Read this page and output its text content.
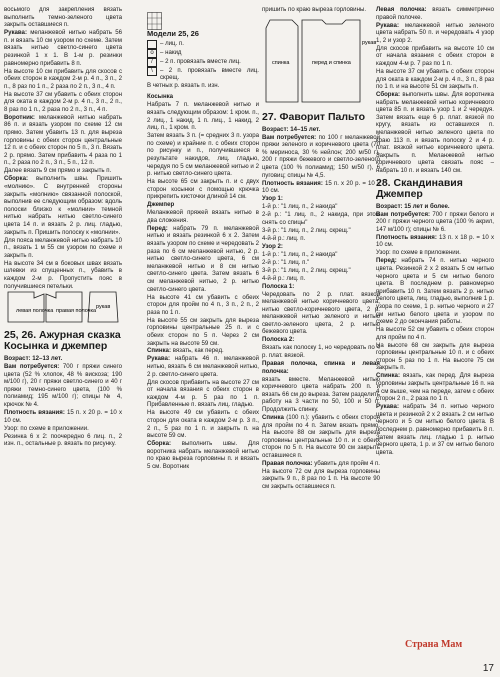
восьмого для закрепления вязать выполнить темно-зеленого цвета закрыть оставшиеся п.

Рукава: меланжевой нитью набрать 56 п. и вязать 10 см узором по схеме. Затем вязать нитью светло-синего цвета резинкой 1 х 1. В 1-м р. резинки равномерно прибавить 8 п.

На высоте 10 см прибавить для скосов с обеих сторон в каждом 2-м р. 4 п., 3 п., 2 п., 8 раз по 1 п., 2 раза по 2 п., 3 п., 4 п.

На высоте 37 см убавить с обеих сторон для оката в каждом 2-м р. 4 п., 3 п., 2 п., 8 раз по 1 п., 2 раза по 2 п., 3 п., 4 п.

Воротник: меланжевой нитью набрать 86 п. и вязать узором по схеме 12 см прямо. Затем убавить 13 п. для выреза горловины с обеих сторон центральные 12 п. и с обеих сторон по 5 п., 3 п. Вязать 2 р. прямо. Затем прибавить 4 раза по 1 п., 2 раза по 2 п., 3 п., 5 п., 12 п.

Далее вязать 9 см прямо и закрыть п.

Сборка: выполнить швы. Пришить «молнию». С внутренней стороны закрыть «молнию» связанной полоской, выполнив ее следующим образом: вдоль полоски близко к «молнии» темной нитью набрать нитью светло-синего цвета 14 п. и вязать 2 р. лиц. гладью, закрыть п. Пришить полоску к «молнии».

Для пояса меланжевой нитью набрать 10 п., вязать 1 м 55 см узором по схеме и закрыть п.

На высоте 34 см в боковых швах вязать шлевки из спущенных п., убавить в каждом 2-м р. Пропустить пояс в получившиеся петельки.

левая полочка правая полочка
рукав

25, 26. Ажурная сказка Косынка и джемпер

Возраст: 12–13 лет.

Вам потребуется: 700 г пряжи синего цвета (52 % хлопок, 48 % вискоза; 190 м/100 г), 20 г пряжи светло-синего и 40 г пряжи темно-синего цвета, (100 % полиамид; 195 м/100 г); спицы № 4, крючок № 4.

Плотность вязания: 15 п. х 20 р. = 10 х 10 см.

Узор: по схеме в приложении.

Резинка 6 х 2: поочередно 6 лиц. п., 2 изн. п., остальные р. вязать по рисунку.

Модели 25, 26

– лиц. п.
o	– накид
/	– 2 п. провязать вместе лиц.
\	– 2 п. провязать вместе лиц. скрещ.

В четных р. вязать п. изн.

Косынка

Набрать 7 п. меланжевой нитью и вязать следующим образом: 1 кром. п., 2 лиц., 1 накид, 1 п. лиц., 1 накид, 2 лиц. п., 1 кром. п.

Затем вязать 3 п. (= средних 3 п. узора по схеме) и крайние п. с обеих сторон по рисунку и п., получившиеся в результате накидов, лиц. гладью, чередуя по 5 см меланжевой нитью и 2 р. нитью светло-синего цвета.

На высоте 65 см закрыть п. и с двух сторон косынки с помощью крючка прикрепить кисточки длиной 14 см.

Джемпер

Меланжевой пряжей вязать нитью в два сложения.

Перед: набрать 79 п. меланжевой нитью и вязать резинкой 6 х 2. Затем вязать узором по схеме и чередовать 2 раза по 6 см меланжевой нитью, 2 р. нитью светло-синего цвета, 6 см меланжевой нитью и 8 см нитью светло-синего цвета. Затем вязать 6 см меланжевой нитью, 2 р. нитью светло-синего цвета.

На высоте 41 см убавить с обеих сторон для пройм по 4 п., 3 п., 2 п., 2 раза по 1 п.

На высоте 55 см закрыть для выреза горловины центральные 25 п. и с обеих сторон по 5 п. Через 2 см закрыть на высоте 59 см.

Спинка: вязать, как перед.

Рукава: набрать 46 п. меланжевой нитью, вязать 6 см меланжевой нитью, 2 р. светло-синего цвета.

Для скосов прибавить на высоте 27 см от начала вязания с обеих сторон в каждом 4-м р. 5 раз по 1 п. Прибавленные п. вязать лиц. гладью.

На высоте 49 см убавить с обеих сторон для оката в каждом 2-м р. 3 п., 2 п., 5 раз по 1 п. и закрыть п. на высоте 59 см.

Сборка: выполнить швы. Для воротника набрать меланжевой нитью по краю выреза горловины п. и вязать 5 см. Воротник

пришить по краю выреза горловины.

спинка	перед и спинка
рукав

27. Фаворит Пальто

Возраст: 14–15 лет.

Вам потребуется: по 100 г меланжевой пряжи зеленого и коричневого цвета (70 % мериноса, 30 % нейлон; 200 м/50 г), 200 г пряжи бежевого и светло-зеленого цвета (100 % полиамид; 150 м/50 г), 6 пуговиц; спицы № 4,5.

Плотность вязания: 15 п. х 20 р. = 10 х 10 см.

Узор 1:

1-й р.: "1 лиц. п., 2 накида"

2-й р.: "1 лиц. п., 2 накида, при этом снять со спицы"

3-й р.: "1 лиц. п., 2 лиц. скрещ."

4-й-й р.: лиц. п.

Узор 2:

1-й р.: "1 лиц. п., 2 накида"

2-й р.: "1 лиц. п."

3-й р.: "1 лиц. п., 2 лиц. скрещ."

4-й-й р.: лиц. п.

Полоска 1:

Чередовать по 2 р. плат. вязкой меланжевой нитью коричневого цвета, нитью светло-коричневого цвета, 2 р. меланжевой нитью зеленого и нитью светло-зеленого цвета, 2 р. нитью бежевого цвета.

Полоска 2:

Вязать как полоску 1, но чередовать по 4 р. плат. вязкой.

Правая полочка, спинка и левая полочка:

вязать вместе. Меланжевой нитью коричневого цвета набрать 200 п. и вязать 66 см до выреза. Затем разделить работу на 3 части по 50, 100 и 50 п. Продолжить спинку.

Спинка (100 п.): убавить с обеих сторон для пройм по 4 п. Затем вязать прямо. На высоте 88 см закрыть для выреза горловины центральные 10 п. и с обеих сторон по 5 п. На высоте 90 см закрыть оставшиеся п.

Правая полочка: убавить для пройм 4 п. На высоте 72 см для выреза горловины закрыть 9 п., 8 раз по 1 п. На высоте 90 см закрыть оставшиеся п.

Левая полочка: вязать симметрично правой полочке.

Рукава: меланжевой нитью зеленого цвета набрать 50 п. и чередовать 4 узор 1, 2 и узор 2.

Для скосов прибавить на высоте 10 см от начала вязания с обеих сторон в каждом 4-м р. 7 раз по 1 п.

На высоте 37 см убавить с обеих сторон для оката в каждом 2-м р. 4 п., 3 п., 8 раз по 1 п. и на высоте 51 см закрыть п.

Сборка: выполнить швы. Для воротника набрать меланжевой нитью коричневого цвета 85 п. и вязать узор 1 и 2 чередуя. Затем вязать еще 6 р. плат. вязкой по кругу, вязать из оставшихся п. меланжевой нитью зеленого цвета по краю 113 п. и вязать полоску 2 и 4 р. плат. вязкой нитью коричневого цвета. Закрыть п. Меланжевой нитью коричневого цвета связать пояс – набрать 10 п. и вязать 140 см.

28. Скандинавия Джемпер

Возраст: 15 лет и более.

Вам потребуется: 700 г пряжи белого и 200 г пряжи черного цвета (100 % акрил, 147 м/100 г); спицы № 6.

Плотность вязания: 13 п. х 18 р. = 10 х 10 см.

Узор: по схеме в приложении.

Перед: набрать 74 п. нитью черного цвета. Резинкой 2 х 2 вязать 5 см нитью черного цвета и 5 см нитью белого цвета. В последнем р. равномерно прибавить 10 п. Затем вязать 2 р. нитью белого цвета, лиц. гладью, выполнив 1 р. узора по схеме, 1 р. нитью черного и 27 см нитью белого цвета и узором по схеме 2 до окончания работы.

На высоте 52 см убавить с обеих сторон для пройм по 4 п.

На высоте 68 см закрыть для выреза горловины центральные 10 п. и с обеих сторон 5 раз по 1 п. На высоте 75 см закрыть п.

Спинка: вязать, как перед. Для выреза горловины закрыть центральные 16 п. на 4 см выше, чем на переде, затем с обеих сторон 2 п., 2 раза по 1 п.

Рукава: набрать 34 п. нитью черного цвета и резинкой 2 х 2 вязать 2 см нитью черного и 5 см нитью белого цвета. В последнем р. равномерно прибавить 8 п. Затем вязать лиц. гладью 1 р. нитью черного цвета, 1 р. и 37 см нитью белого цвета.

Страна Мам
17
